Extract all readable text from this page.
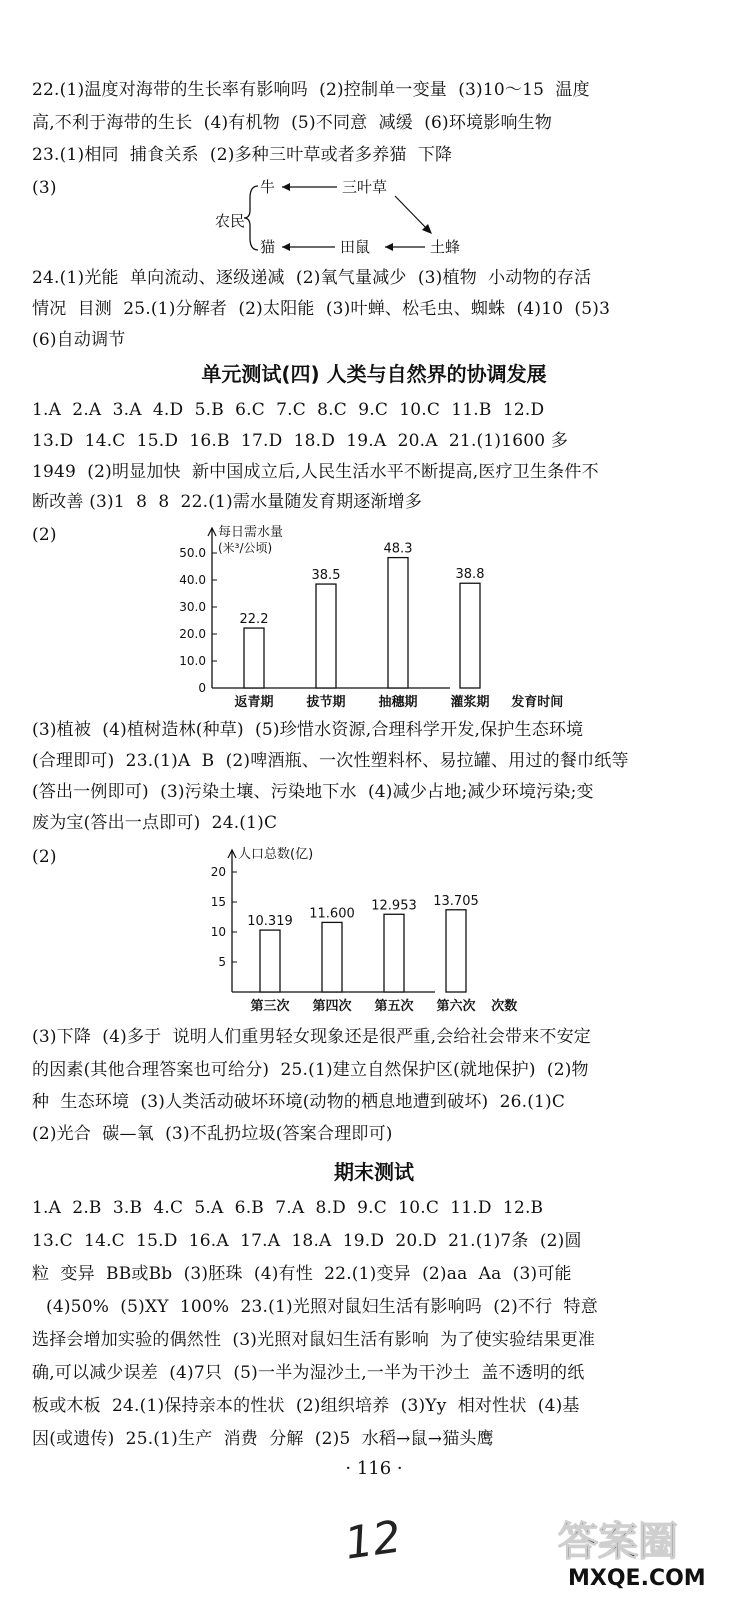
22.(1)温度对海带的生长率有影响吗  (2)控制单一变量  (3)10～15  温度
高,不利于海带的生长  (4)有机物  (5)不同意  减缓  (6)环境影响生物
23.(1)相同  捕食关系  (2)多种三叶草或者多养猫  下降
(3)
农民
牛	三叶草
猫	田鼠	土蜂
24.(1)光能  单向流动、逐级递减  (2)氧气量减少  (3)植物  小动物的存活
情况  目测  25.(1)分解者  (2)太阳能  (3)叶蝉、松毛虫、蜘蛛  (4)10  (5)3
(6)自动调节
单元测试(四) 人类与自然界的协调发展
1.A  2.A  3.A  4.D  5.B  6.C  7.C  8.C  9.C  10.C  11.B  12.D
13.D  14.C  15.D  16.B  17.D  18.D  19.A  20.A  21.(1)1600 多
1949  (2)明显加快  新中国成立后,人民生活水平不断提高,医疗卫生条件不
断改善 (3)1  8  8  22.(1)需水量随发育期逐渐增多
(2)
0
10.0
20.0
30.0
40.0
50.0
22.2
返青期
38.5
拔节期
48.3
抽穗期
38.8
灌浆期
每日需水量
(米³/公顷)
发育时间
(3)植被  (4)植树造林(种草)  (5)珍惜水资源,合理科学开发,保护生态环境
(合理即可)  23.(1)A  B  (2)啤酒瓶、一次性塑料杯、易拉罐、用过的餐巾纸等
(答出一例即可)  (3)污染土壤、污染地下水  (4)减少占地;减少环境污染;变
废为宝(答出一点即可)  24.(1)C
(2)
5
10
15
20
10.319
第三次
11.600
第四次
12.953
第五次
13.705
第六次
人口总数(亿)
次数
(3)下降  (4)多于  说明人们重男轻女现象还是很严重,会给社会带来不安定
的因素(其他合理答案也可给分)  25.(1)建立自然保护区(就地保护)  (2)物
种  生态环境  (3)人类活动破坏环境(动物的栖息地遭到破坏)  26.(1)C
(2)光合  碳—氧  (3)不乱扔垃圾(答案合理即可)
期末测试
1.A  2.B  3.B  4.C  5.A  6.B  7.A  8.D  9.C  10.C  11.D  12.B
13.C  14.C  15.D  16.A  17.A  18.A  19.D  20.D  21.(1)7条  (2)圆
粒  变异  BB或Bb  (3)胚珠  (4)有性  22.(1)变异  (2)aa  Aa  (3)可能
(4)50%  (5)XY  100%  23.(1)光照对鼠妇生活有影响吗  (2)不行  特意
选择会增加实验的偶然性  (3)光照对鼠妇生活有影响  为了使实验结果更准
确,可以减少误差  (4)7只  (5)一半为湿沙土,一半为干沙土  盖不透明的纸
板或木板  24.(1)保持亲本的性状  (2)组织培养  (3)Yy  相对性状  (4)基
因(或遗传)  25.(1)生产  消费  分解  (2)5  水稻→鼠→猫头鹰
· 116 ·
12	答案圈
MXQE.COM
